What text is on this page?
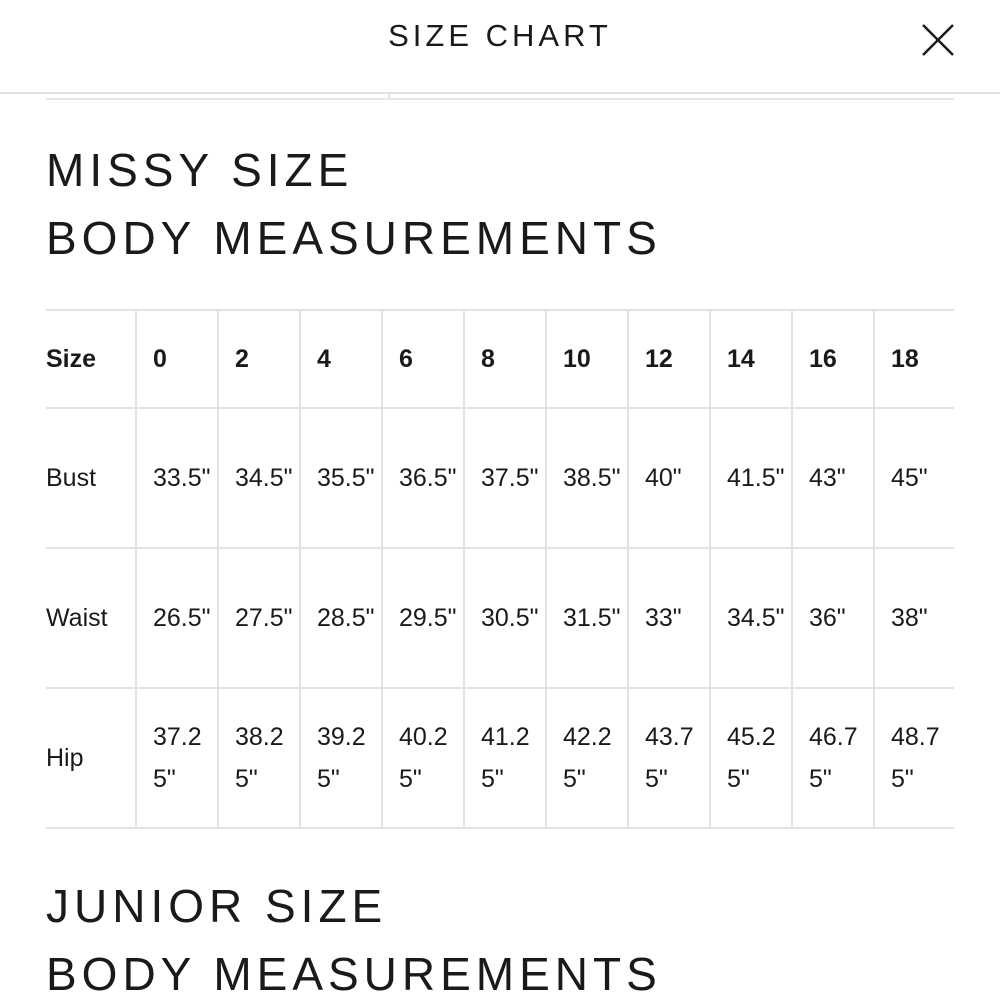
SIZE CHART
MISSY SIZE
BODY MEASUREMENTS
Size	0	2	4	6	8	10	12	14	16	18
Bust	33.5"	34.5"	35.5"	36.5"	37.5"	38.5"	40"	41.5"	43"	45"
Waist	26.5"	27.5"	28.5"	29.5"	30.5"	31.5"	33"	34.5"	36"	38"
Hip	37.25"	38.25"	39.25"	40.25"	41.25"	42.25"	43.75"	45.25"	46.75"	48.75"
JUNIOR SIZE
BODY MEASUREMENTS
